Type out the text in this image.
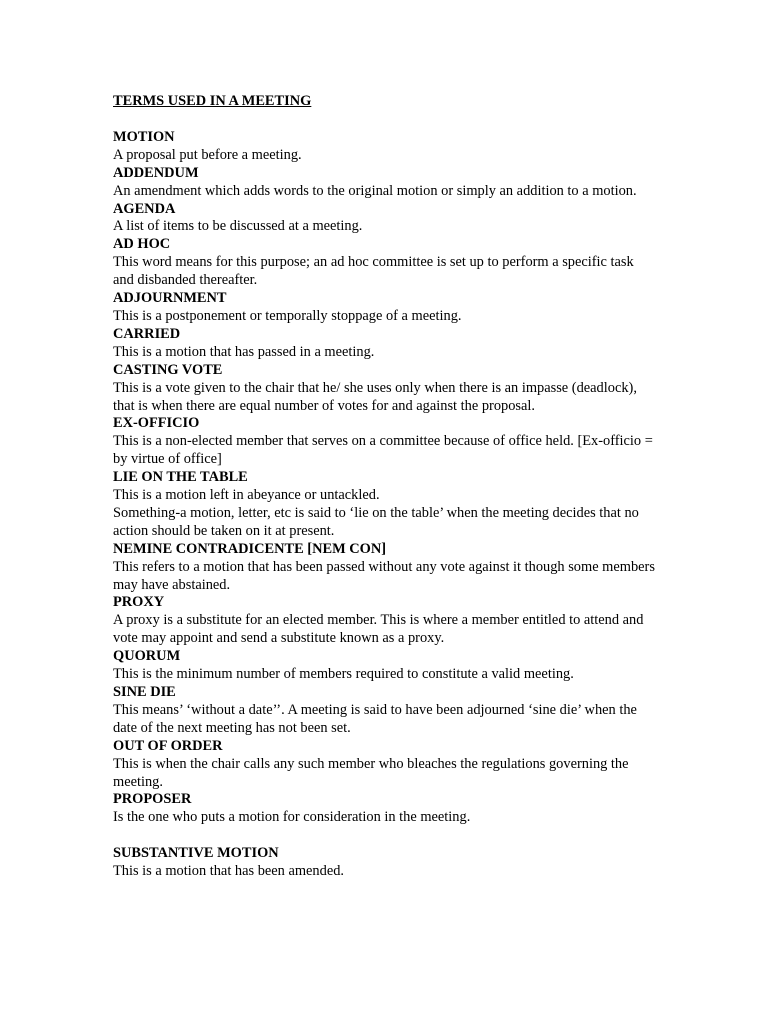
TERMS USED IN A MEETING
MOTION
A proposal put before a meeting.
ADDENDUM
An amendment which adds words to the original motion or simply an addition to a motion.
AGENDA
A list of items to be discussed at a meeting.
AD HOC
This word means for this purpose; an ad hoc committee is set up to perform a specific task and disbanded thereafter.
ADJOURNMENT
This is a postponement or temporally stoppage of a meeting.
CARRIED
This is a motion that has passed in a meeting.
CASTING VOTE
This is a vote given to the chair that he/ she uses only when there is an impasse (deadlock), that is when there are equal number of votes for and against the proposal.
EX-OFFICIO
This is a non-elected member that serves on a committee because of office held. [Ex-officio = by virtue of office]
LIE ON THE TABLE
This is a motion left in abeyance or untackled.
Something-a motion, letter, etc is said to ‘lie on the table’ when the meeting decides that no action should be taken on it at present.
NEMINE CONTRADICENTE [NEM CON]
This refers to a motion that has been passed without any vote against it though some members may have abstained.
PROXY
A proxy is a substitute for an elected member. This is where a member entitled to attend and vote may appoint and send a substitute known as a proxy.
QUORUM
This is the minimum number of members required to constitute a valid meeting.
SINE DIE
This means’ ‘without a date’’. A meeting is said to have been adjourned ‘sine die’ when the date of the next meeting has not been set.
OUT OF ORDER
This is when the chair calls any such member who bleaches the regulations governing the meeting.
PROPOSER
Is the one who puts a motion for consideration in the meeting.
SUBSTANTIVE MOTION
This is a motion that has been amended.
